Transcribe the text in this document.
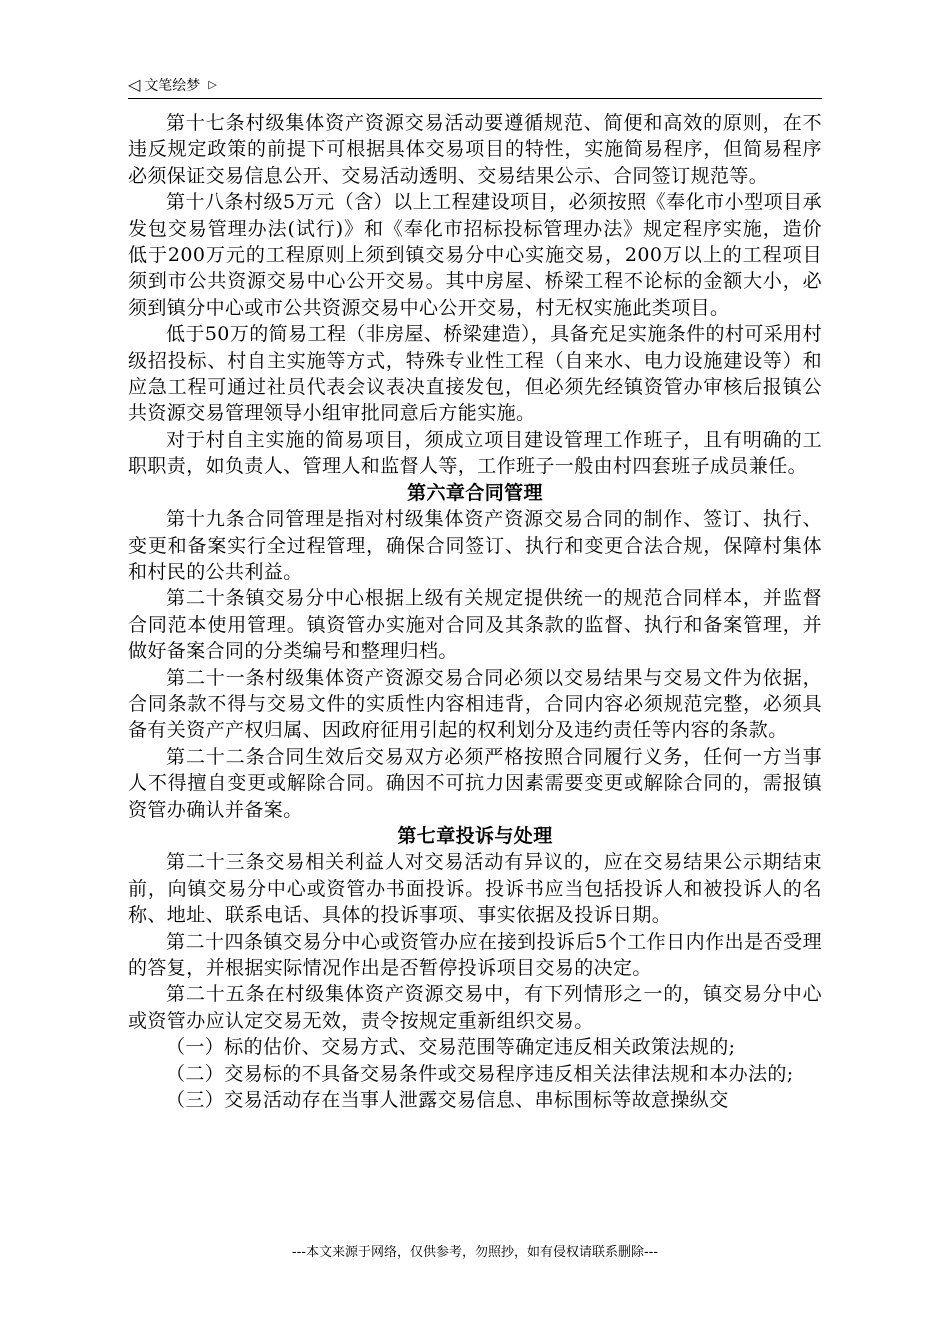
◁ 文笔绘梦 ▷

第十七条村级集体资产资源交易活动要遵循规范、简便和高效的原则，在不违反规定政策的前提下可根据具体交易项目的特性，实施简易程序，但简易程序必须保证交易信息公开、交易活动透明、交易结果公示、合同签订规范等。

第十八条村级5万元（含）以上工程建设项目，必须按照《奉化市小型项目承发包交易管理办法(试行)》和《奉化市招标投标管理办法》规定程序实施，造价低于200万元的工程原则上须到镇交易分中心实施交易，200万以上的工程项目须到市公共资源交易中心公开交易。其中房屋、桥梁工程不论标的金额大小，必须到镇分中心或市公共资源交易中心公开交易，村无权实施此类项目。

低于50万的简易工程（非房屋、桥梁建造），具备充足实施条件的村可采用村级招投标、村自主实施等方式，特殊专业性工程（自来水、电力设施建设等）和应急工程可通过社员代表会议表决直接发包，但必须先经镇资管办审核后报镇公共资源交易管理领导小组审批同意后方能实施。

对于村自主实施的简易项目，须成立项目建设管理工作班子，且有明确的工职职责，如负责人、管理人和监督人等，工作班子一般由村四套班子成员兼任。

第六章合同管理

第十九条合同管理是指对村级集体资产资源交易合同的制作、签订、执行、变更和备案实行全过程管理，确保合同签订、执行和变更合法合规，保障村集体和村民的公共利益。

第二十条镇交易分中心根据上级有关规定提供统一的规范合同样本，并监督合同范本使用管理。镇资管办实施对合同及其条款的监督、执行和备案管理，并做好备案合同的分类编号和整理归档。

第二十一条村级集体资产资源交易合同必须以交易结果与交易文件为依据，合同条款不得与交易文件的实质性内容相违背，合同内容必须规范完整，必须具备有关资产产权归属、因政府征用引起的权利划分及违约责任等内容的条款。

第二十二条合同生效后交易双方必须严格按照合同履行义务，任何一方当事人不得擅自变更或解除合同。确因不可抗力因素需要变更或解除合同的，需报镇资管办确认并备案。

第七章投诉与处理

第二十三条交易相关利益人对交易活动有异议的，应在交易结果公示期结束前，向镇交易分中心或资管办书面投诉。投诉书应当包括投诉人和被投诉人的名称、地址、联系电话、具体的投诉事项、事实依据及投诉日期。

第二十四条镇交易分中心或资管办应在接到投诉后5个工作日内作出是否受理的答复，并根据实际情况作出是否暂停投诉项目交易的决定。

第二十五条在村级集体资产资源交易中，有下列情形之一的，镇交易分中心或资管办应认定交易无效，责令按规定重新组织交易。

（一）标的估价、交易方式、交易范围等确定违反相关政策法规的;

（二）交易标的不具备交易条件或交易程序违反相关法律法规和本办法的;

（三）交易活动存在当事人泄露交易信息、串标围标等故意操纵交

---本文来源于网络，仅供参考，勿照抄，如有侵权请联系删除---
